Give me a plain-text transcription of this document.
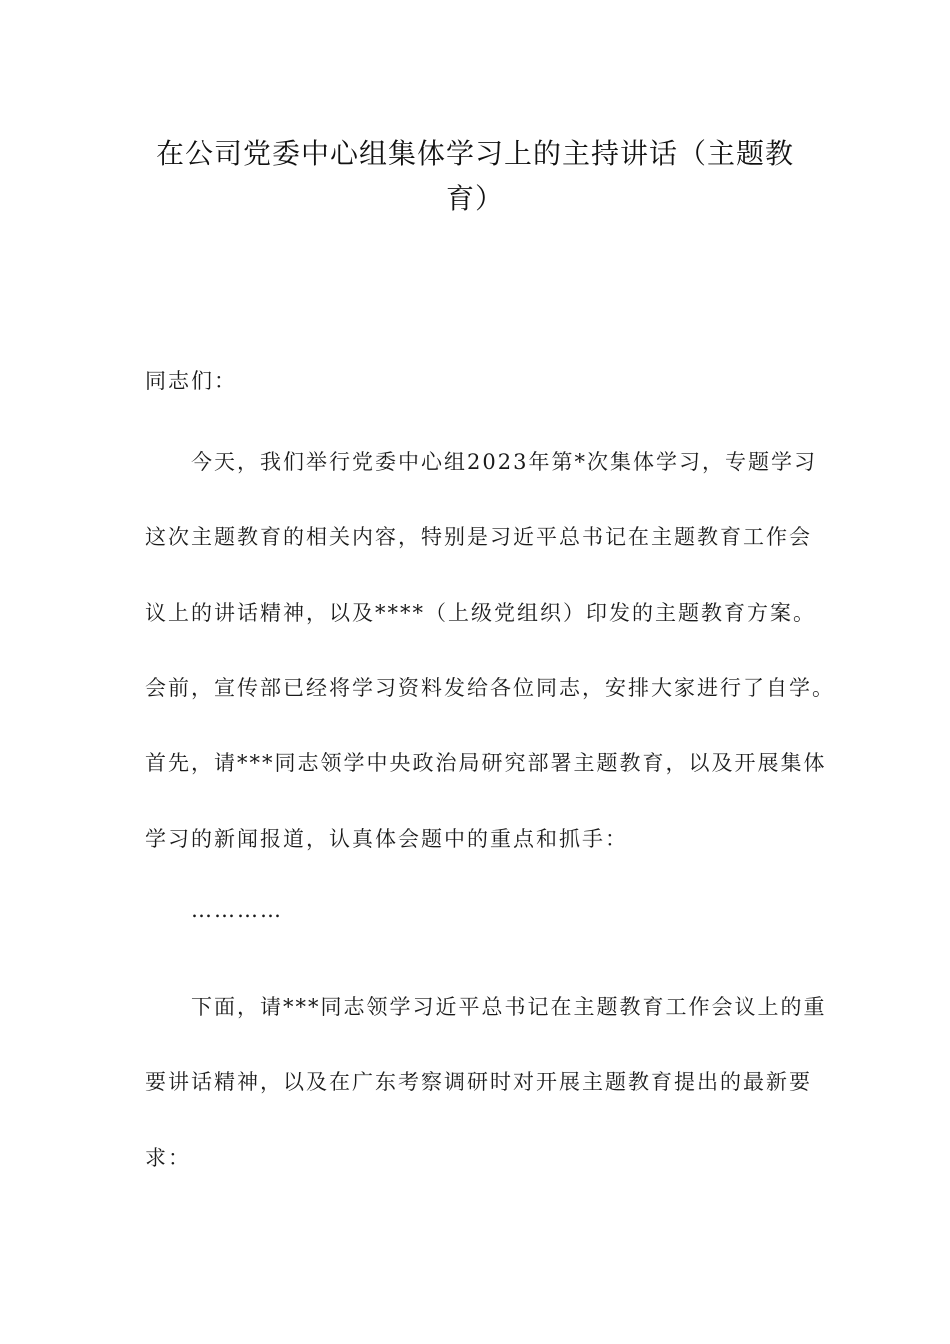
在公司党委中心组集体学习上的主持讲话（主题教
育）
同志们：
今天，我们举行党委中心组2023年第*次集体学习，专题学习
这次主题教育的相关内容，特别是习近平总书记在主题教育工作会
议上的讲话精神，以及****（上级党组织）印发的主题教育方案。
会前，宣传部已经将学习资料发给各位同志，安排大家进行了自学。
首先，请***同志领学中央政治局研究部署主题教育，以及开展集体
学习的新闻报道，认真体会题中的重点和抓手：
…………
下面，请***同志领学习近平总书记在主题教育工作会议上的重
要讲话精神，以及在广东考察调研时对开展主题教育提出的最新要
求：
